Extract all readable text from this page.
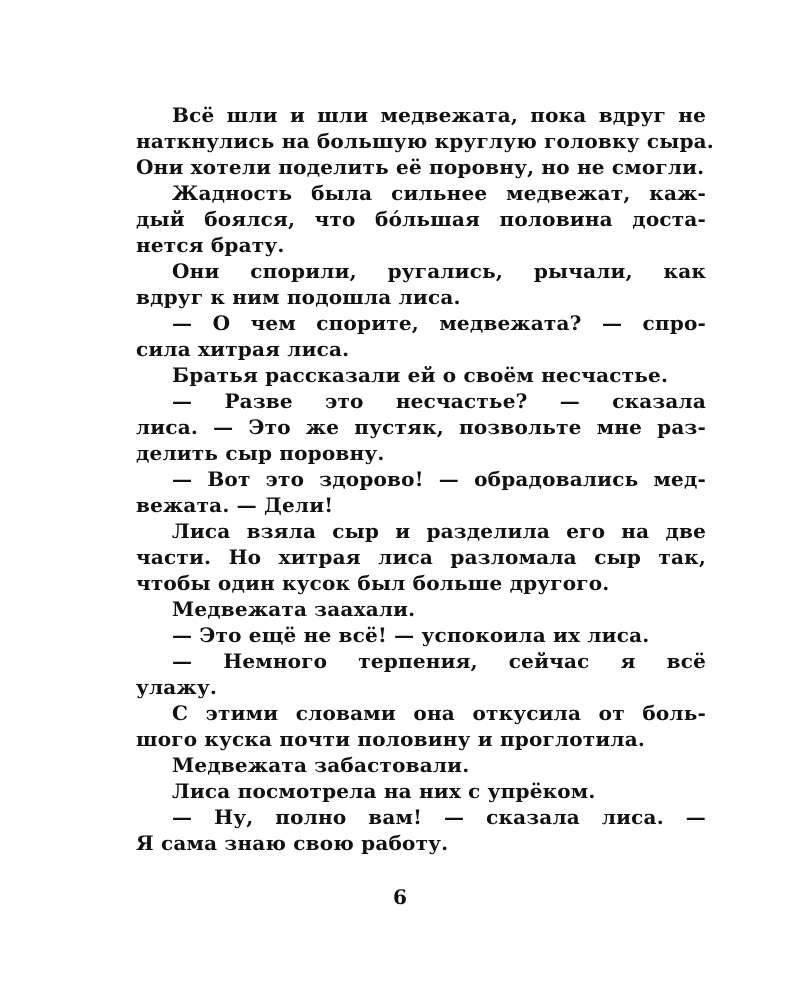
Всё шли и шли медвежата, пока вдруг не
наткнулись на большую круглую головку сыра.
Они хотели поделить её поровну, но не смогли.
Жадность была сильнее медвежат, каж-
дый боялся, что бóльшая половина доста-
нется брату.
Они спорили, ругались, рычали, как
вдруг к ним подошла лиса.
— О чем спорите, медвежата? — спро-
сила хитрая лиса.
Братья рассказали ей о своём несчастье.
— Разве это несчастье? — сказала
лиса. — Это же пустяк, позвольте мне раз-
делить сыр поровну.
— Вот это здорово! — обрадовались мед-
вежата. — Дели!
Лиса взяла сыр и разделила его на две
части. Но хитрая лиса разломала сыр так,
чтобы один кусок был больше другого.
Медвежата заахали.
— Это ещё не всё! — успокоила их лиса.
— Немного терпения, сейчас я всё
улажу.
С этими словами она откусила от боль-
шого куска почти половину и проглотила.
Медвежата забастовали.
Лиса посмотрела на них с упрёком.
— Ну, полно вам! — сказала лиса. —
Я сама знаю свою работу.
6
